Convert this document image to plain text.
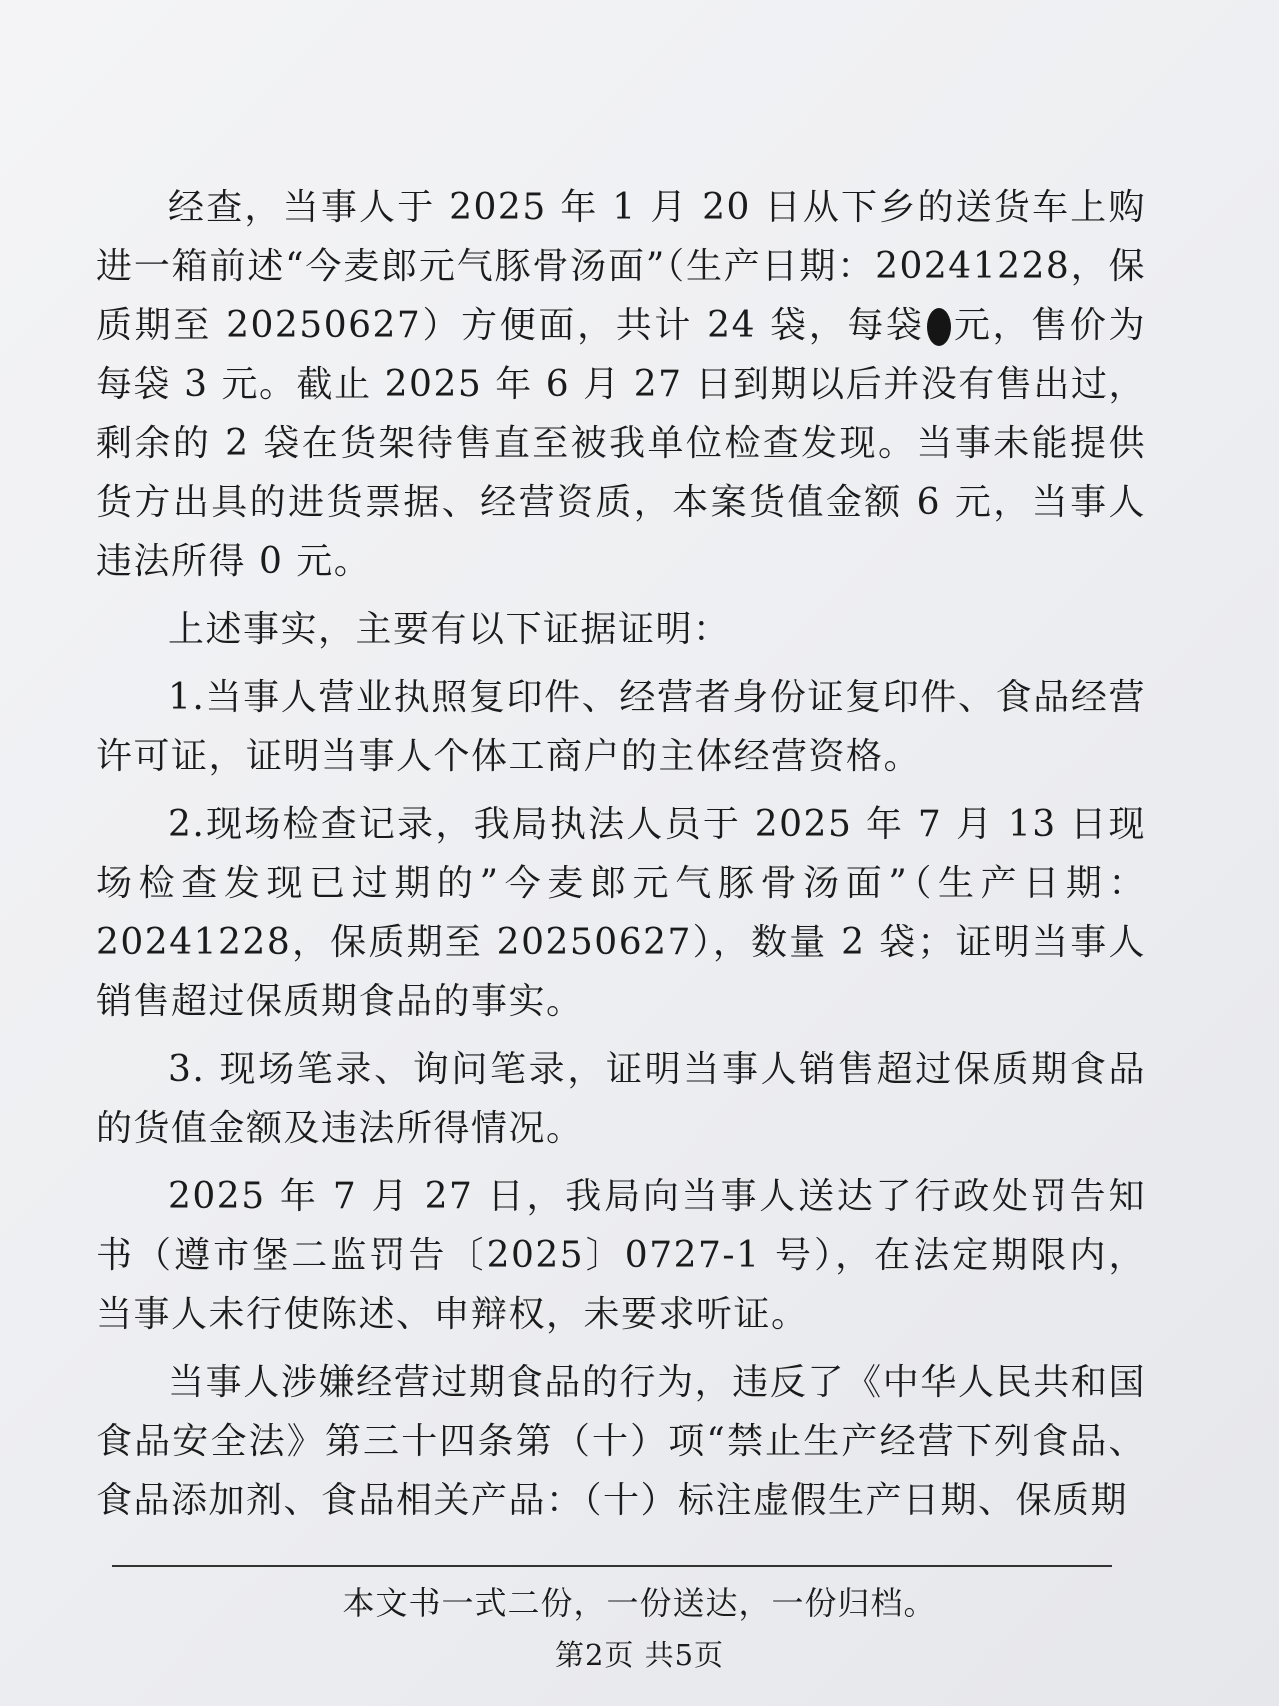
经查，当事人于 2025 年 1 月 20 日从下乡的送货车上购进一箱前述“今麦郎元气豚骨汤面”（生产日期：20241228，保质期至 20250627）方便面，共计 24 袋，每袋 元，售价为每袋 3 元。截止 2025 年 6 月 27 日到期以后并没有售出过，剩余的 2 袋在货架待售直至被我单位检查发现。当事未能提供货方出具的进货票据、经营资质，本案货值金额 6 元，当事人违法所得 0 元。

上述事实，主要有以下证据证明：

1.当事人营业执照复印件、经营者身份证复印件、食品经营许可证，证明当事人个体工商户的主体经营资格。

2.现场检查记录，我局执法人员于 2025 年 7 月 13 日现场检查发现已过期的”今麦郎元气豚骨汤面”（生产日期：20241228，保质期至 20250627），数量 2 袋；证明当事人销售超过保质期食品的事实。

3. 现场笔录、询问笔录，证明当事人销售超过保质期食品的货值金额及违法所得情况。

2025 年 7 月 27 日，我局向当事人送达了行政处罚告知书（遵市堡二监罚告〔2025〕0727-1 号），在法定期限内，当事人未行使陈述、申辩权，未要求听证。

当事人涉嫌经营过期食品的行为，违反了《中华人民共和国食品安全法》第三十四条第（十）项“禁止生产经营下列食品、食品添加剂、食品相关产品：（十）标注虚假生产日期、保质期

本文书一式二份，一份送达，一份归档。
第2页 共5页
